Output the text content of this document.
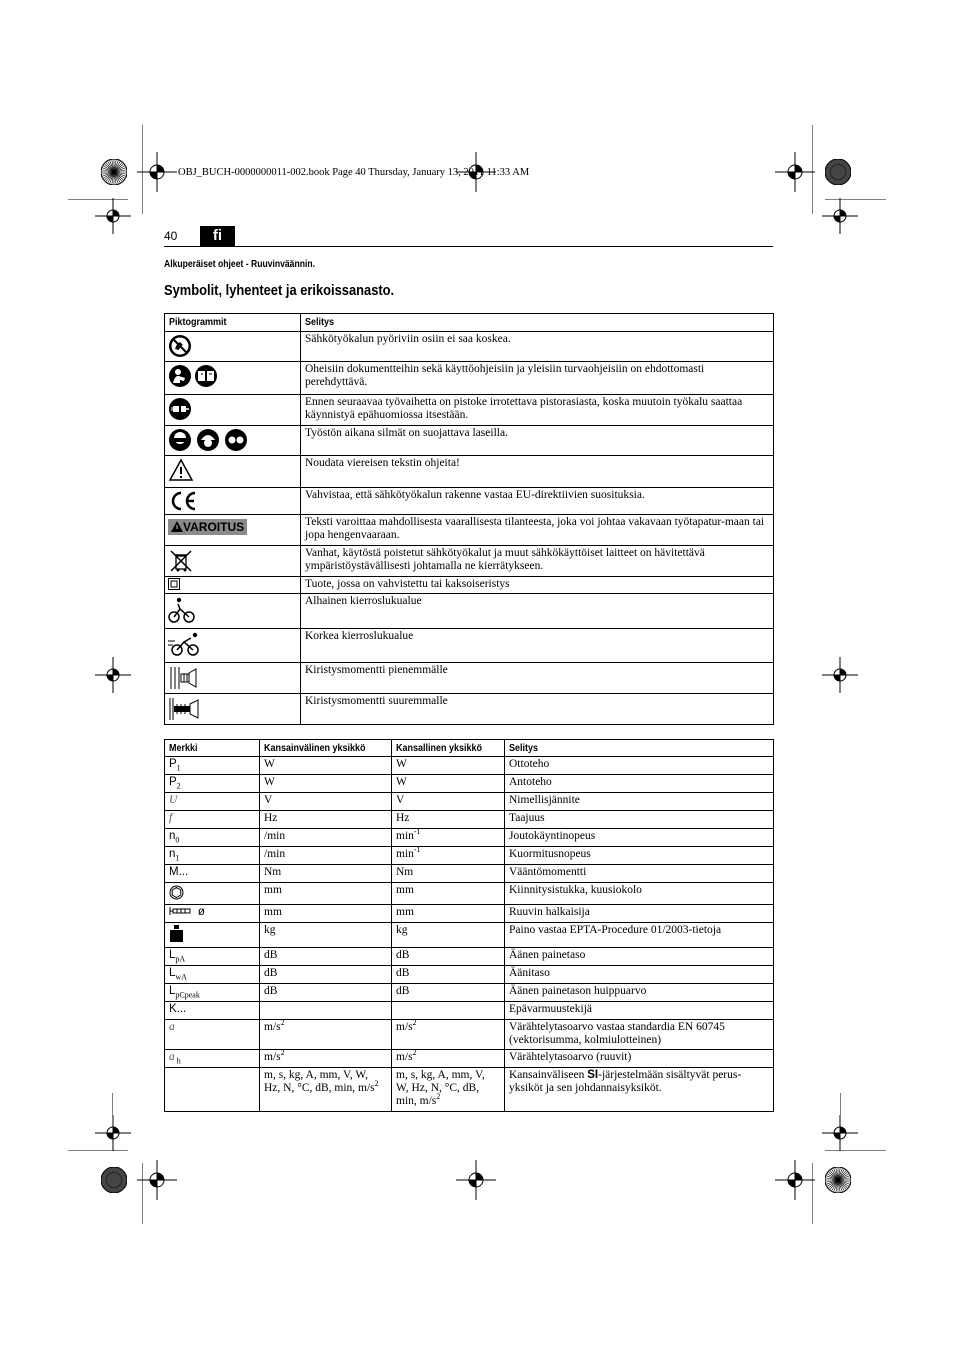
OBJ_BUCH-0000000011-002.book Page 40 Thursday, January 13, 2011 11:33 AM
40	fi
Alkuperäiset ohjeet - Ruuvinväännin.
Symbolit, lyhenteet ja erikoissanasto.
Piktogrammit	Selitys
	Sähkötyökalun pyöriviin osiin ei saa koskea.
	Oheisiin dokumentteihin sekä käyttöohjeisiin ja yleisiin turvaohjeisiin on ehdottomasti perehdyttävä.
	Ennen seuraavaa työvaihetta on pistoke irrotettava pistorasiasta, koska muutoin työkalu saattaa käynnistyä epähuomiossa itsestään.
	Työstön aikana silmät on suojattava laseilla.
	Noudata viereisen tekstin ohjeita!
	Vahvistaa, että sähkötyökalun rakenne vastaa EU-direktiivien suosituksia.
VAROITUS	Teksti varoittaa mahdollisesta vaarallisesta tilanteesta, joka voi johtaa vakavaan työtapatur-maan tai jopa hengenvaaraan.
	Vanhat, käytöstä poistetut sähkötyökalut ja muut sähkökäyttöiset laitteet on hävitettävä ympäristöystävällisesti johtamalla ne kierrätykseen.
	Tuote, jossa on vahvistettu tai kaksoiseristys
	Alhainen kierroslukualue
	Korkea kierroslukualue
	Kiristysmomentti pienemmälle
	Kiristysmomentti suuremmalle
Merkki	Kansainvälinen yksikkö	Kansallinen yksikkö	Selitys
$P_1$	W	W	Ottoteho
$P_2$	W	W	Antoteho
U	V	V	Nimellisjännite
f	Hz	Hz	Taajuus
$n_0$	/min	$\min^{-1}$	Joutokäyntinopeus
$n_1$	/min	$\min^{-1}$	Kuormitusnopeus
M...	Nm	Nm	Vääntömomentti
	mm	mm	Kiinnitysistukka, kuusiokolo
ø	mm	mm	Ruuvin halkaisija
	kg	kg	Paino vastaa EPTA-Procedure 01/2003-tietoja
$L_{pA}$	dB	dB	Äänen painetaso
$L_{wA}$	dB	dB	Äänitaso
$L_{pCpeak}$	dB	dB	Äänen painetason huippuarvo
K...			Epävarmuustekijä
a	$m/s^2$	$m/s^2$	Värähtelytasoarvo vastaa standardia EN 60745 (vektorisumma, kolmiulotteinen)
a $_h$	$m/s^2$	$m/s^2$	Värähtelytasoarvo (ruuvit)
	m, s, kg, A, mm, V, W, Hz, N, °C, dB, min, $m/s^2$	m, s, kg, A, mm, V, W, Hz, N, °C, dB, min, $m/s^2$	Kansainväliseen SI-järjestelmään sisältyvät perus-yksiköt ja sen johdannaisyksiköt.
